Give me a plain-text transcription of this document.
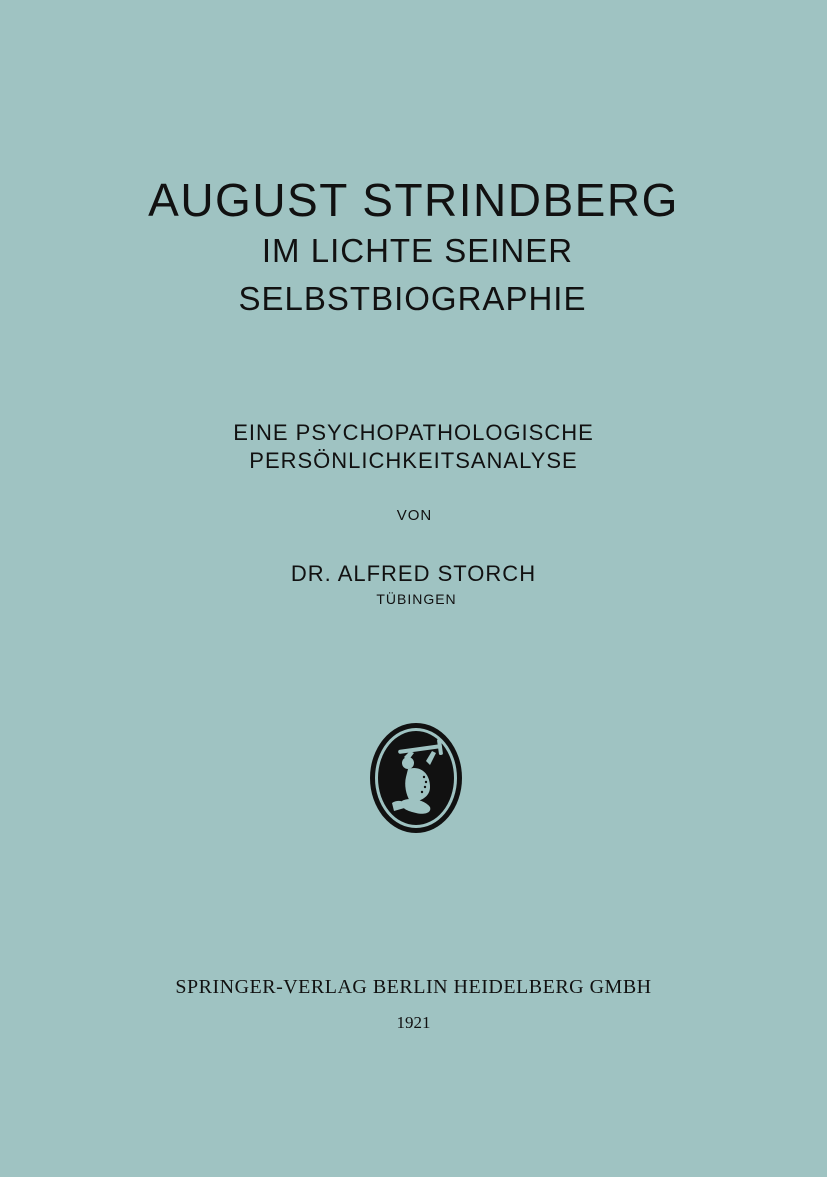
AUGUST STRINDBERG
IM LICHTE SEINER
SELBSTBIOGRAPHIE
EINE PSYCHOPATHOLOGISCHE
PERSÖNLICHKEITSANALYSE
VON
DR. ALFRED STORCH
TÜBINGEN
SPRINGER-VERLAG BERLIN HEIDELBERG GMBH
1921
